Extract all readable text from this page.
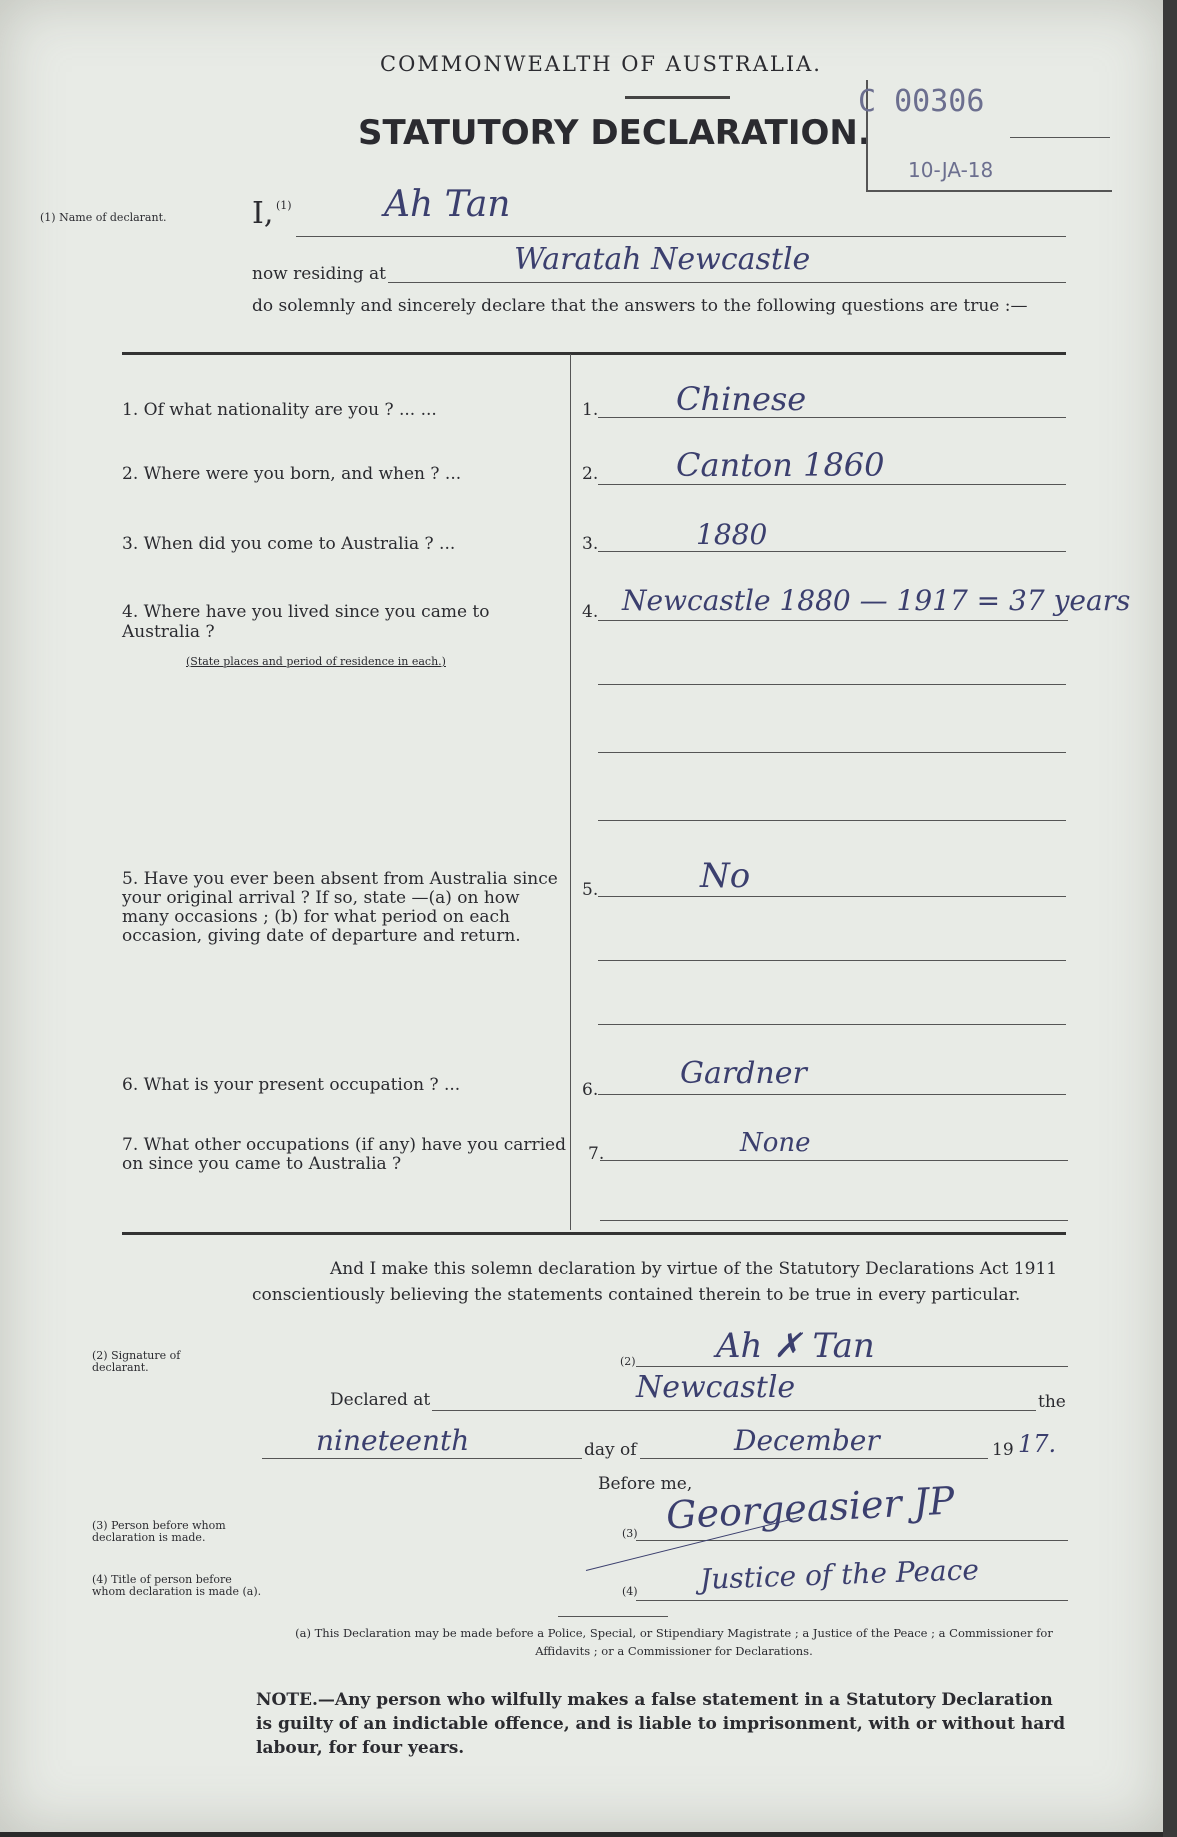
COMMONWEALTH OF AUSTRALIA.
STATUTORY DECLARATION.
C 00306
10-JA-18
(1) Name of declarant.	I, (1)	Ah Tan
now residing at	Waratah Newcastle
do solemnly and sincerely declare that the answers to the following questions are true :—
1. Of what nationality are you ? ... ...	1. Chinese
2. Where were you born, and when ? ...	2. Canton 1860
3. When did you come to Australia ? ...	3.	1880
4. Where have you lived since you came to Australia ?
(State places and period of residence in each.)
4. Newcastle 1880 — 1917 = 37 years
5. Have you ever been absent from Australia since your original arrival ? If so, state —(a) on how many occasions ; (b) for what period on each occasion, giving date of departure and return.
5.	No
6. What is your present occupation ? ...	6.	Gardner
7. What other occupations (if any) have you carried on since you came to Australia ?	7.	None
And I make this solemn declaration by virtue of the Statutory Declarations Act 1911 conscientiously believing the statements contained therein to be true in every particular.
(2) Signature of declarant.	(2) Ah ✗ Tan
Declared at	Newcastle	the
nineteenth	day of	December	19 17.
Before me,
(3) Person before whom declaration is made.	(3) Georgeasier JP
(4) Title of person before whom declaration is made (a).	(4) Justice of the Peace
(a) This Declaration may be made before a Police, Special, or Stipendiary Magistrate ; a Justice of the Peace ; a Commissioner for Affidavits ; or a Commissioner for Declarations.
NOTE.—Any person who wilfully makes a false statement in a Statutory Declaration is guilty of an indictable offence, and is liable to imprisonment, with or without hard labour, for four years.
